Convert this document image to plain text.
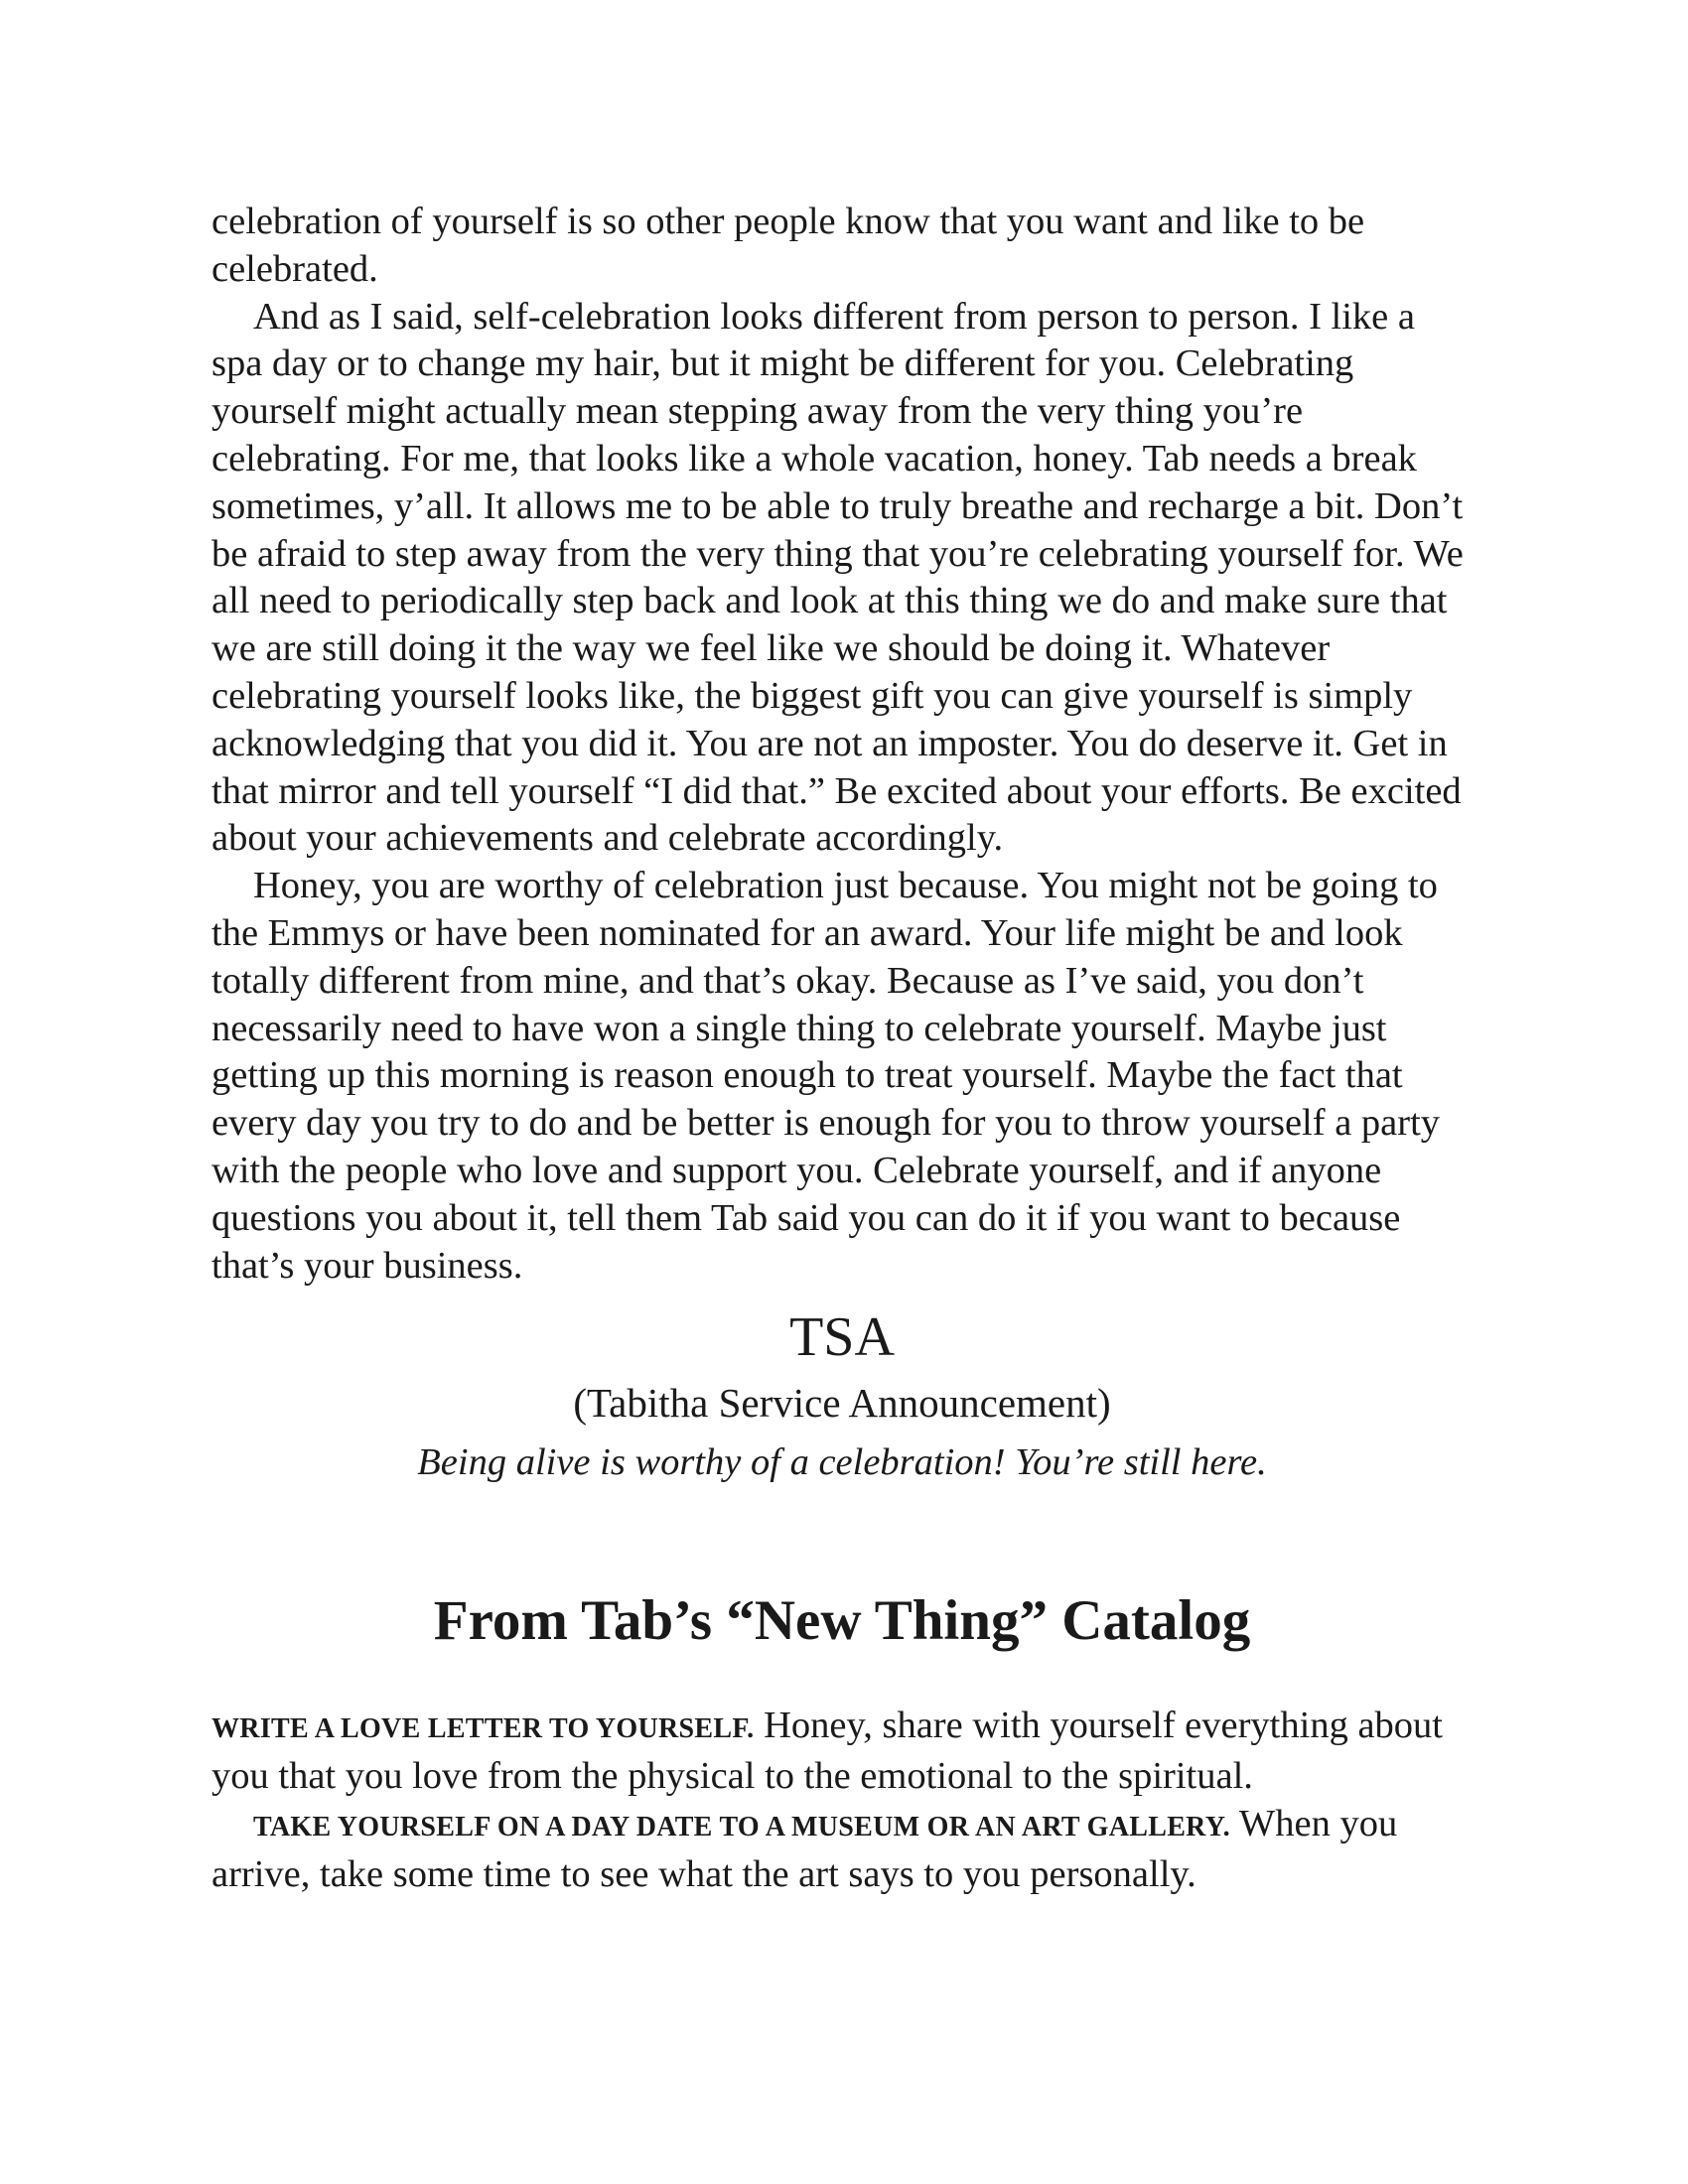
celebration of yourself is so other people know that you want and like to be celebrated.

And as I said, self-celebration looks different from person to person. I like a spa day or to change my hair, but it might be different for you. Celebrating yourself might actually mean stepping away from the very thing you’re celebrating. For me, that looks like a whole vacation, honey. Tab needs a break sometimes, y’all. It allows me to be able to truly breathe and recharge a bit. Don’t be afraid to step away from the very thing that you’re celebrating yourself for. We all need to periodically step back and look at this thing we do and make sure that we are still doing it the way we feel like we should be doing it. Whatever celebrating yourself looks like, the biggest gift you can give yourself is simply acknowledging that you did it. You are not an imposter. You do deserve it. Get in that mirror and tell yourself “I did that.” Be excited about your efforts. Be excited about your achievements and celebrate accordingly.

Honey, you are worthy of celebration just because. You might not be going to the Emmys or have been nominated for an award. Your life might be and look totally different from mine, and that’s okay. Because as I’ve said, you don’t necessarily need to have won a single thing to celebrate yourself. Maybe just getting up this morning is reason enough to treat yourself. Maybe the fact that every day you try to do and be better is enough for you to throw yourself a party with the people who love and support you. Celebrate yourself, and if anyone questions you about it, tell them Tab said you can do it if you want to because that’s your business.

TSA

(Tabitha Service Announcement)

Being alive is worthy of a celebration! You’re still here.

From Tab’s “New Thing” Catalog

WRITE A LOVE LETTER TO YOURSELF. Honey, share with yourself everything about you that you love from the physical to the emotional to the spiritual.

TAKE YOURSELF ON A DAY DATE TO A MUSEUM OR AN ART GALLERY. When you arrive, take some time to see what the art says to you personally.
